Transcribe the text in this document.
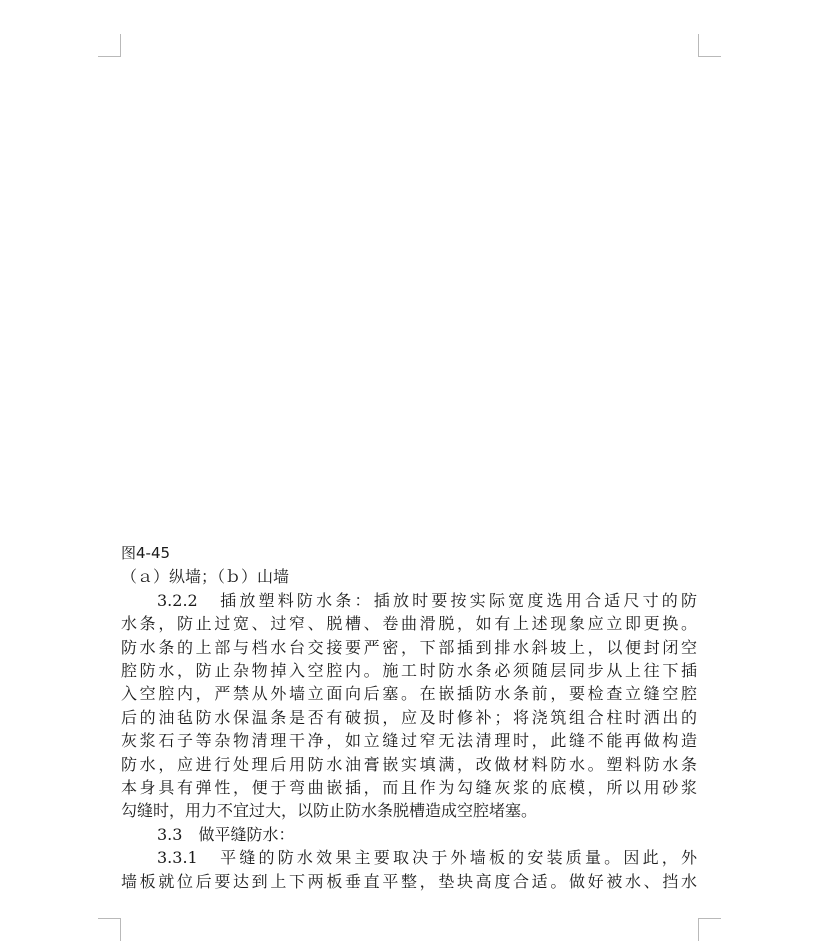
图4-45
（ａ）纵墙；（ｂ）山墙
3.2.2　插放塑料防水条：插放时要按实际宽度选用合适尺寸的防
水条，防止过宽、过窄、脱槽、卷曲滑脱，如有上述现象应立即更换。
防水条的上部与档水台交接要严密，下部插到排水斜坡上，以便封闭空
腔防水，防止杂物掉入空腔内。施工时防水条必须随层同步从上往下插
入空腔内，严禁从外墙立面向后塞。在嵌插防水条前，要检查立缝空腔
后的油毡防水保温条是否有破损，应及时修补；将浇筑组合柱时洒出的
灰浆石子等杂物清理干净，如立缝过窄无法清理时，此缝不能再做构造
防水，应进行处理后用防水油膏嵌实填满，改做材料防水。塑料防水条
本身具有弹性，便于弯曲嵌插，而且作为勾缝灰浆的底模，所以用砂浆
勾缝时，用力不宜过大，以防止防水条脱槽造成空腔堵塞。
3.3　做平缝防水：
3.3.1　平缝的防水效果主要取决于外墙板的安装质量。因此，外
墙板就位后要达到上下两板垂直平整，垫块高度合适。做好被水、挡水
